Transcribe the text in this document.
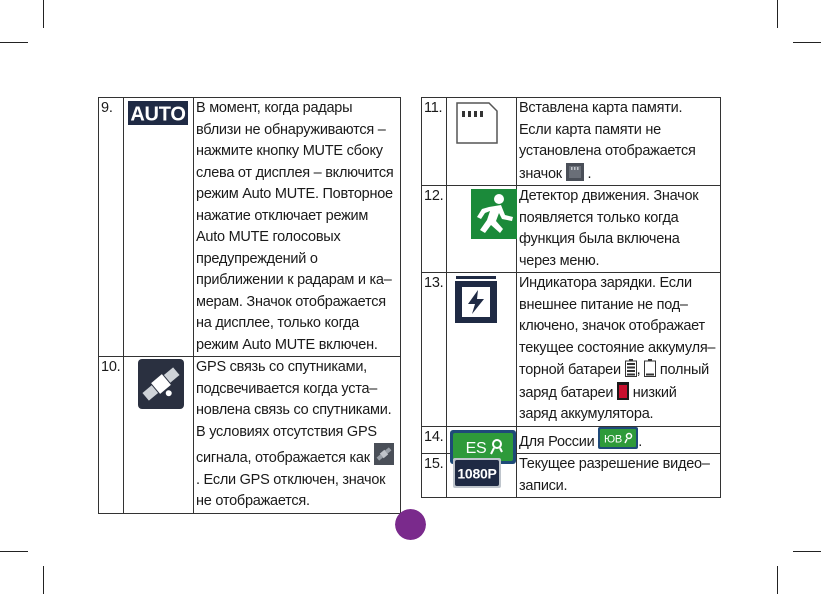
9.	AUTO	В момент, когда радары вблизи не обнаруживаются – нажмите кнопку MUTE сбоку слева от дисплея – включится режим Auto MUTE. Повторное нажатие отключает режим Auto MUTE голосовых предупреждений о приближении к радарам и ка– мерам. Значок отображается на дисплее, только когда режим Auto MUTE включен.
10.		GPS связь со спутниками, подсвечивается когда уста– новлена связь со спутниками. В условиях отсутствия GPS сигнала, отображается как  . Если GPS отключен, значок не отображается.
11.		Вставлена карта памяти. Если карта памяти не установлена отображается значок .
12.		Детектор движения. Значок появляется только когда функция была включена через меню.
13.		Индикатора зарядки. Если внешнее питание не под– ключено, значок отображает текущее состояние аккумуля– торной батареи ,  полный заряд батареи  низкий заряд аккумулятора.
14.	ES	Для России ЮВ .
15.	1080P	Текущее разрешение видео– записи.
